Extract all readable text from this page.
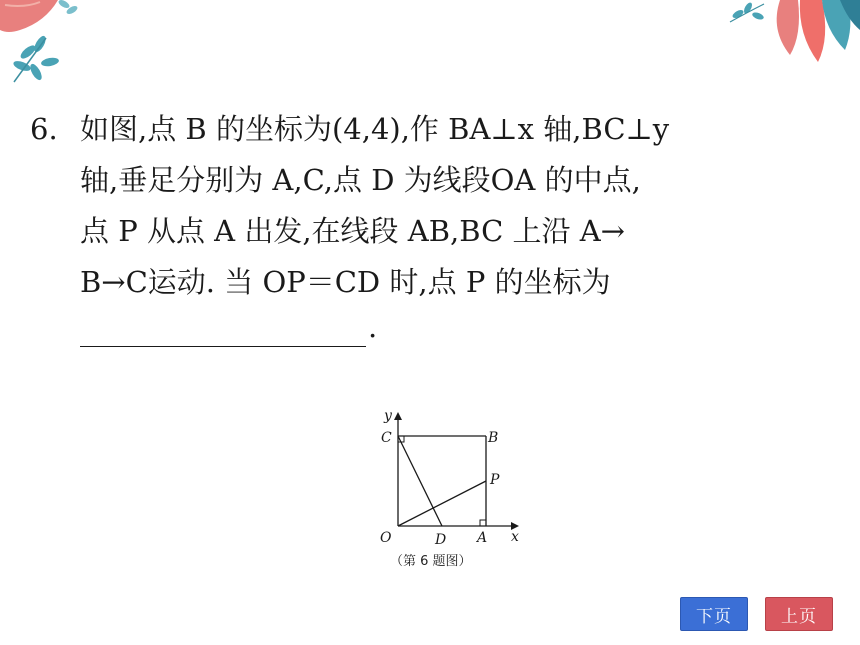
6. 如图,点 B 的坐标为(4,4),作 BA⊥x 轴,BC⊥y
轴,垂足分别为 A,C,点 D 为线段OA 的中点,
点 P 从点 A 出发,在线段 AB,BC 上沿 A→
B→C运动. 当 OP＝CD 时,点 P 的坐标为
.
y
x
O	A
B
C
D
P
（第 6 题图）
下页	上页
